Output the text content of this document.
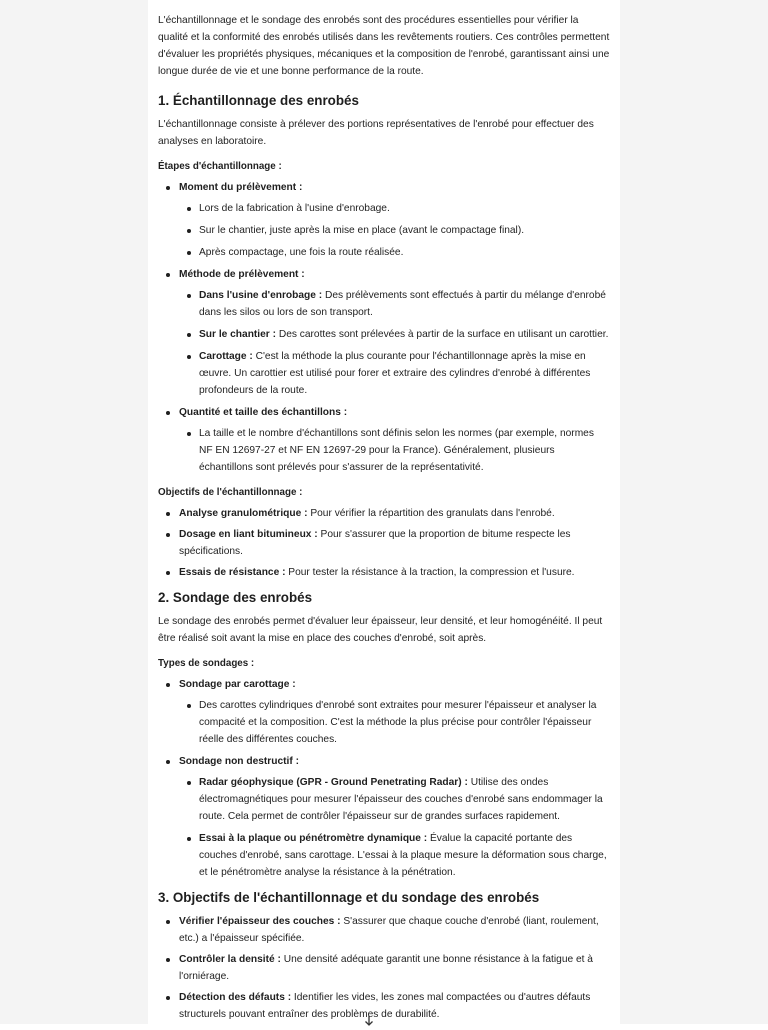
L'échantillonnage et le sondage des enrobés sont des procédures essentielles pour vérifier la qualité et la conformité des enrobés utilisés dans les revêtements routiers. Ces contrôles permettent d'évaluer les propriétés physiques, mécaniques et la composition de l'enrobé, garantissant ainsi une longue durée de vie et une bonne performance de la route.

1. Échantillonnage des enrobés

L'échantillonnage consiste à prélever des portions représentatives de l'enrobé pour effectuer des analyses en laboratoire.

Étapes d'échantillonnage :
Moment du prélèvement :
Lors de la fabrication à l'usine d'enrobage.
Sur le chantier, juste après la mise en place (avant le compactage final).
Après compactage, une fois la route réalisée.
Méthode de prélèvement :
Dans l'usine d'enrobage : Des prélèvements sont effectués à partir du mélange d'enrobé dans les silos ou lors de son transport.
Sur le chantier : Des carottes sont prélevées à partir de la surface en utilisant un carottier.
Carottage : C'est la méthode la plus courante pour l'échantillonnage après la mise en œuvre. Un carottier est utilisé pour forer et extraire des cylindres d'enrobé à différentes profondeurs de la route.
Quantité et taille des échantillons :
La taille et le nombre d'échantillons sont définis selon les normes (par exemple, normes NF EN 12697-27 et NF EN 12697-29 pour la France). Généralement, plusieurs échantillons sont prélevés pour s'assurer de la représentativité.
Objectifs de l'échantillonnage :
Analyse granulométrique : Pour vérifier la répartition des granulats dans l'enrobé.
Dosage en liant bitumineux : Pour s'assurer que la proportion de bitume respecte les spécifications.
Essais de résistance : Pour tester la résistance à la traction, la compression et l'usure.
2. Sondage des enrobés

Le sondage des enrobés permet d'évaluer leur épaisseur, leur densité, et leur homogénéité. Il peut être réalisé soit avant la mise en place des couches d'enrobé, soit après.

Types de sondages :
Sondage par carottage :
Des carottes cylindriques d'enrobé sont extraites pour mesurer l'épaisseur et analyser la compacité et la composition. C'est la méthode la plus précise pour contrôler l'épaisseur réelle des différentes couches.
Sondage non destructif :
Radar géophysique (GPR - Ground Penetrating Radar) : Utilise des ondes électromagnétiques pour mesurer l'épaisseur des couches d'enrobé sans endommager la route. Cela permet de contrôler l'épaisseur sur de grandes surfaces rapidement.
Essai à la plaque ou pénétromètre dynamique : Évalue la capacité portante des couches d'enrobé, sans carottage. L'essai à la plaque mesure la déformation sous charge, et le pénétromètre analyse la résistance à la pénétration.
3. Objectifs de l'échantillonnage et du sondage des enrobés
Vérifier l'épaisseur des couches : S'assurer que chaque couche d'enrobé (liant, roulement, etc.) a l'épaisseur spécifiée.
Contrôler la densité : Une densité adéquate garantit une bonne résistance à la fatigue et à l'orniérage.
Détection des défauts : Identifier les vides, les zones mal compactées ou d'autres défauts structurels pouvant entraîner des problèmes de durabilité.
